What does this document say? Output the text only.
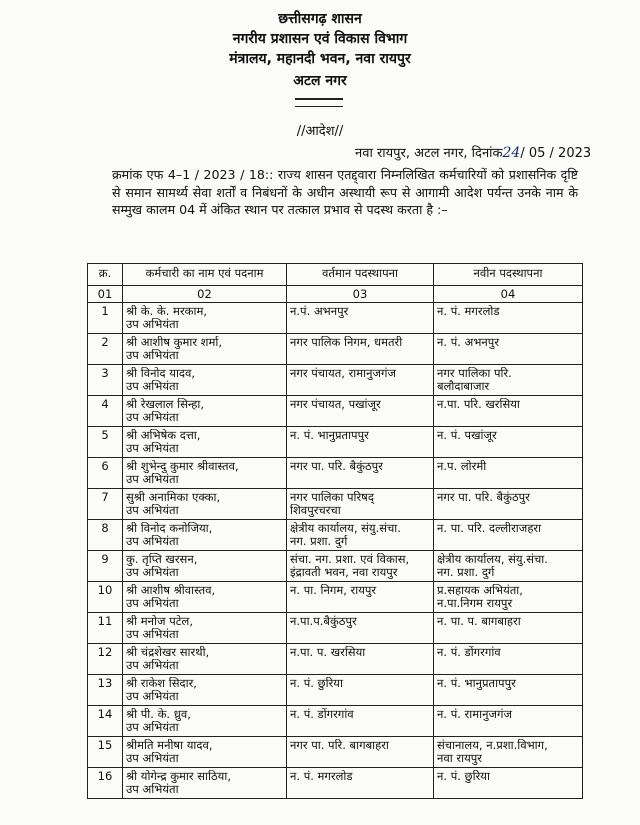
छत्तीसगढ़ शासन
नगरीय प्रशासन एवं विकास विभाग
मंत्रालय, महानदी भवन, नवा रायपुर
अटल नगर
//आदेश//
नवा रायपुर, अटल नगर, दिनांक24/ 05 / 2023
क्रमांक एफ 4–1 / 2023 / 18:: राज्य शासन एतद्द्वारा निम्नलिखित कर्मचारियों को प्रशासनिक दृष्टि से समान सामर्थ्य सेवा शर्तों व निबंधनों के अधीन अस्थायी रूप से आगामी आदेश पर्यन्त उनके नाम के सम्मुख कालम 04 में अंकित स्थान पर तत्काल प्रभाव से पदस्थ करता है :–
क्र.	कर्मचारी का नाम एवं पदनाम	वर्तमान पदस्थापना	नवीन पदस्थापना
01	02	03	04
1	श्री के. के. मरकाम,
उप अभियंता	न.पं. अभनपुर	न. पं. मगरलोड

2	श्री आशीष कुमार शर्मा,
उप अभियंता	नगर पालिक निगम, धमतरी	न. पं. अभनपुर

3	श्री विनोद यादव,
उप अभियंता	नगर पंचायत, रामानुजगंज	नगर पालिका परि.
बलौदाबाजार

4	श्री रेखलाल सिन्हा,
उप अभियंता	नगर पंचायत, पखांजूर	न.पा. परि. खरसिया

5	श्री अभिषेक दत्ता,
उप अभियंता	न. पं. भानुप्रतापपुर	न. पं. पखांजूर

6	श्री शुभेन्दु कुमार श्रीवास्तव,
उप अभियंता	नगर पा. परि. बैकुंठपुर	न.प. लोरमी

7	सुश्री अनामिका एक्का,
उप अभियंता	नगर पालिका परिषद्
शिवपुरचरचा	नगर पा. परि. बैकुंठपुर

8	श्री विनोद कनोजिया,
उप अभियंता	क्षेत्रीय कार्यालय, संयु.संचा.
नग. प्रशा. दुर्ग	न. पा. परि. दल्लीराजहरा

9	कु. तृप्ति खरसन,
उप अभियंता	संचा. नग. प्रशा. एवं विकास,
इंद्रावती भवन, नवा रायपुर	क्षेत्रीय कार्यालय, संयु.संचा.
नग. प्रशा. दुर्ग

10	श्री आशीष श्रीवास्तव,
उप अभियंता	न. पा. निगम, रायपुर	प्र.सहायक अभियंता,
न.पा.निगम रायपुर

11	श्री मनोज पटेल,
उप अभियंता	न.पा.प.बैकुंठपुर	न. पा. प. बागबाहरा

12	श्री चंद्रशेखर सारथी,
उप अभियंता	न.पा. प. खरसिया	न. पं. डोंगरगांव

13	श्री राकेश सिदार,
उप अभियंता	न. पं. छुरिया	न. पं. भानुप्रतापपुर

14	श्री पी. के. ध्रुव,
उप अभियंता	न. पं. डोंगरगांव	न. पं. रामानुजगंज

15	श्रीमति मनीषा यादव,
उप अभियंता	नगर पा. परि. बागबाहरा	संचानालय, न.प्रशा.विभाग,
नवा रायपुर

16	श्री योगेन्द्र कुमार साठिया,
उप अभियंता	न. पं. मगरलोड	न. पं. छुरिया
